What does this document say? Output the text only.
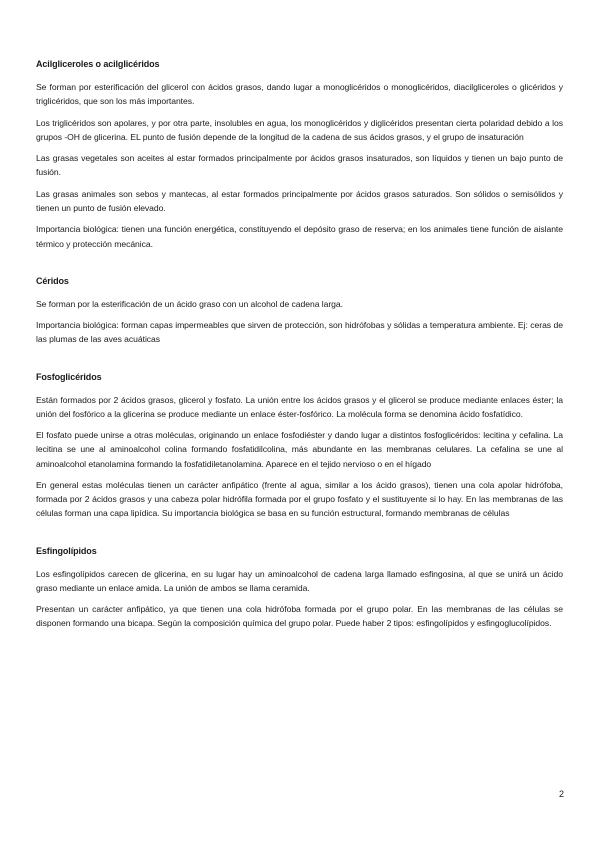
Acilgliceroles o acilglicéridos

Se forman por esterificación del glicerol con ácidos grasos, dando lugar a monoglicéridos o monoglicéridos, diacilgliceroles o glicéridos y triglicéridos, que son los más importantes.

Los triglicéridos son apolares, y por otra parte, insolubles en agua, los monoglicéridos y diglicéridos presentan cierta polaridad debido a los grupos -OH de glicerina. EL punto de fusión depende de la longitud de la cadena de sus ácidos grasos, y el grupo de insaturación

Las grasas vegetales son aceites al estar formados principalmente por ácidos grasos insaturados, son líquidos y tienen un bajo punto de fusión.

Las grasas animales son sebos y mantecas, al estar formados principalmente por ácidos grasos saturados. Son sólidos o semisólidos y tienen un punto de fusión elevado.

Importancia biológica: tienen una función energética, constituyendo el depósito graso de reserva; en los animales tiene función de aislante térmico y protección mecánica.

Céridos

Se forman por la esterificación de un ácido graso con un alcohol de cadena larga.

Importancia biológica: forman capas impermeables que sirven de protección, son hidrófobas y sólidas a temperatura ambiente. Ej: ceras de las plumas de las aves acuáticas

Fosfoglicéridos

Están formados por 2 ácidos grasos, glicerol y fosfato. La unión entre los ácidos grasos y el glicerol se produce mediante enlaces éster; la unión del fosfórico a la glicerina se produce mediante un enlace éster-fosfórico. La molécula forma se denomina ácido fosfatídico.

El fosfato puede unirse a otras moléculas, originando un enlace fosfodiéster y dando lugar a distintos fosfoglicéridos: lecitina y cefalina. La lecitina se une al aminoalcohol colina formando fosfatidilcolina, más abundante en las membranas celulares. La cefalina se une al aminoalcohol etanolamina formando la fosfatidiletanolamina. Aparece en el tejido nervioso o en el hígado

En general estas moléculas tienen un carácter anfipático (frente al agua, similar a los ácido grasos), tienen una cola apolar hidrófoba, formada por 2 ácidos grasos y una cabeza polar hidrófila formada por el grupo fosfato y el sustituyente si lo hay. En las membranas de las células forman una capa lipídica. Su importancia biológica se basa en su función estructural, formando membranas de células

Esfingolípidos

Los esfingolípidos carecen de glicerina, en su lugar hay un aminoalcohol de cadena larga llamado esfingosina, al que se unirá un ácido graso mediante un enlace amida. La unión de ambos se llama ceramida.

Presentan un carácter anfipático, ya que tienen una cola hidrófoba formada por el grupo polar. En las membranas de las células se disponen formando una bicapa. Según la composición química del grupo polar. Puede haber 2 tipos: esfingolípidos y esfingoglucolípidos.

2
